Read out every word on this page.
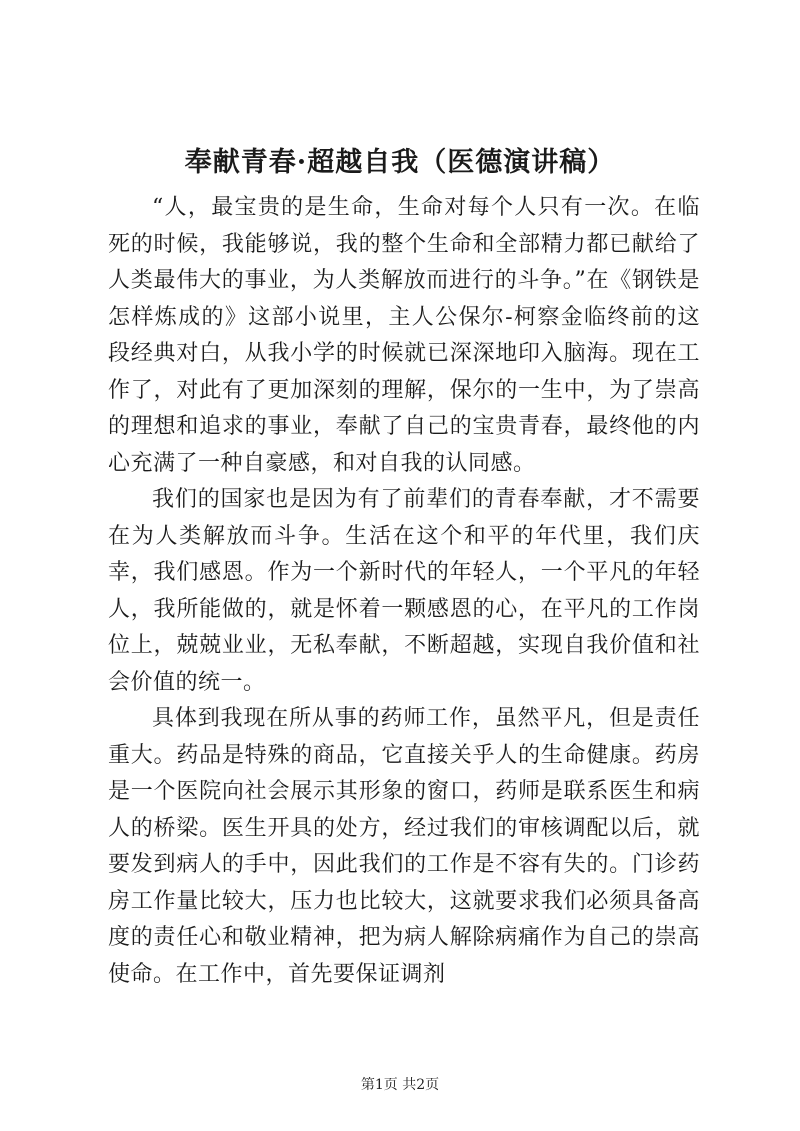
奉献青春·超越自我（医德演讲稿）

“人，最宝贵的是生命，生命对每个人只有一次。在临死的时候，我能够说，我的整个生命和全部精力都已献给了人类最伟大的事业，为人类解放而进行的斗争。”在《钢铁是怎样炼成的》这部小说里，主人公保尔-柯察金临终前的这段经典对白，从我小学的时候就已深深地印入脑海。现在工作了，对此有了更加深刻的理解，保尔的一生中，为了崇高的理想和追求的事业，奉献了自己的宝贵青春，最终他的内心充满了一种自豪感，和对自我的认同感。

我们的国家也是因为有了前辈们的青春奉献，才不需要在为人类解放而斗争。生活在这个和平的年代里，我们庆幸，我们感恩。作为一个新时代的年轻人，一个平凡的年轻人，我所能做的，就是怀着一颗感恩的心，在平凡的工作岗位上，兢兢业业，无私奉献，不断超越，实现自我价值和社会价值的统一。

具体到我现在所从事的药师工作，虽然平凡，但是责任重大。药品是特殊的商品，它直接关乎人的生命健康。药房是一个医院向社会展示其形象的窗口，药师是联系医生和病人的桥梁。医生开具的处方，经过我们的审核调配以后，就要发到病人的手中，因此我们的工作是不容有失的。门诊药房工作量比较大，压力也比较大，这就要求我们必须具备高度的责任心和敬业精神，把为病人解除病痛作为自己的崇高使命。在工作中，首先要保证调剂

第1页 共2页
